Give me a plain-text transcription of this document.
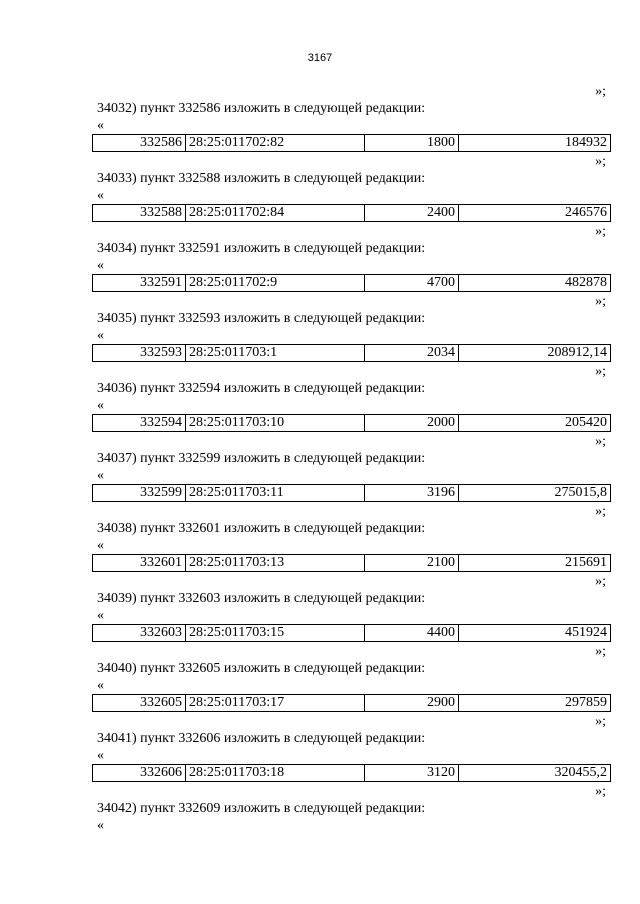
3167
»;
34032) пункт 332586 изложить в следующей редакции:
«
332586	28:25:011702:82	1800	184932
»;
34033) пункт 332588 изложить в следующей редакции:
«
332588	28:25:011702:84	2400	246576
»;
34034) пункт 332591 изложить в следующей редакции:
«
332591	28:25:011702:9	4700	482878
»;
34035) пункт 332593 изложить в следующей редакции:
«
332593	28:25:011703:1	2034	208912,14
»;
34036) пункт 332594 изложить в следующей редакции:
«
332594	28:25:011703:10	2000	205420
»;
34037) пункт 332599 изложить в следующей редакции:
«
332599	28:25:011703:11	3196	275015,8
»;
34038) пункт 332601 изложить в следующей редакции:
«
332601	28:25:011703:13	2100	215691
»;
34039) пункт 332603 изложить в следующей редакции:
«
332603	28:25:011703:15	4400	451924
»;
34040) пункт 332605 изложить в следующей редакции:
«
332605	28:25:011703:17	2900	297859
»;
34041) пункт 332606 изложить в следующей редакции:
«
332606	28:25:011703:18	3120	320455,2
»;
34042) пункт 332609 изложить в следующей редакции:
«
